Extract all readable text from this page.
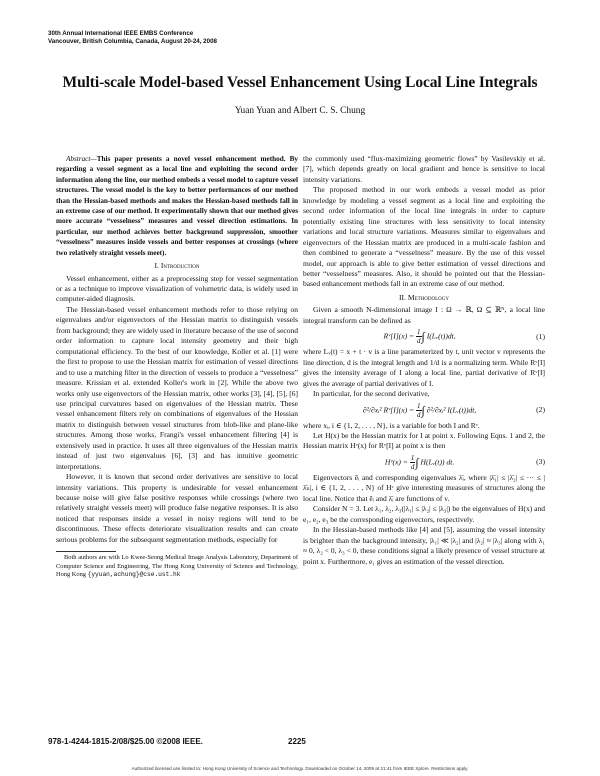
30th Annual International IEEE EMBS Conference
Vancouver, British Columbia, Canada, August 20-24, 2008
Multi-scale Model-based Vessel Enhancement Using Local Line Integrals
Yuan Yuan and Albert C. S. Chung

Abstract—This paper presents a novel vessel enhancement method. By regarding a vessel segment as a local line and exploiting the second order information along the line, our method embeds a vessel model to capture vessel structures. The vessel model is the key to better performances of our method than the Hessian-based methods and makes the Hessian-based methods fall in an extreme case of our method. It experimentally shown that our method gives more accurate “vesselness” measures and vessel direction estimations. In particular, our method achieves better background suppression, smoother “vesselness” measures inside vessels and better responses at crossings (where two relatively straight vessels meet).

I. Introduction

Vessel enhancement, either as a preprocessing step for vessel segmentation or as a technique to improve visualization of volumetric data, is widely used in computer-aided diagnosis.

The Hessian-based vessel enhancement methods refer to those relying on eigenvalues and/or eigenvectors of the Hessian matrix to distinguish vessels from background; they are widely used in literature because of the use of second order information to capture local intensity geometry and their high computational efficiency. To the best of our knowledge, Koller et al. [1] were the first to propose to use the Hessian matrix for estimation of vessel directions and to use a matching filter in the direction of vessels to produce a “vesselness” measure. Krissian et al. extended Koller's work in [2]. While the above two works only use eigenvectors of the Hessian matrix, other works [3], [4], [5], [6] use principal curvatures based on eigenvalues of the Hessian matrix. These vessel enhancement filters rely on combinations of eigenvalues of the Hessian matrix to distinguish between vessel structures from blob-like and plane-like structures. Among those works, Frangi's vessel enhancement filtering [4] is extensively used in practice. It uses all three eigenvalues of the Hessian matrix instead of just two eigenvalues [6], [3] and has intuitive geometric interpretations.

However, it is known that second order derivatives are sensitive to local intensity variations. This property is undesirable for vessel enhancement because noise will give false positive responses while crossings (where two relatively straight vessels meet) will produce false negative responses. It is also noticed that responses inside a vessel in noisy regions will tend to be discontinuous. These effects deteriorate visualization results and can create serious problems for the subsequent segmentation methods, especially for

Both authors are with Lo Kwee-Seong Medical Image Analysis Laboratory, Department of Computer Science and Engineering, The Hong Kong University of Science and Technology, Hong Kong {yyuan,achung}@cse.ust.hk

the commonly used “flux-maximizing geometric flows” by Vasilevskiy et al. [7], which depends greatly on local gradient and hence is sensitive to local intensity variations.

The proposed method in our work embeds a vessel model as prior knowledge by modeling a vessel segment as a local line and exploiting the second order information of the local line integrals in order to capture potentially existing line structures with less sensitivity to local intensity variations and local structure variations. Measures similar to eigenvalues and eigenvectors of the Hessian matrix are produced in a multi-scale fashion and then combined to generate a “vesselness” measure. By the use of this vessel model, our approach is able to give better estimation of vessel directions and better “vesselness” measures. Also, it should be pointed out that the Hessian-based enhancement methods fall in an extreme case of our method.

II. Methodology

Given a smooth N-dimensional image I : Ω → ℝ, Ω ⊆ ℝᴺ, a local line integral transform can be defined as

Rᵛ[I](x) = $\frac{1}{d}\int$ I(Lᵥ(t))dt,	(1)

where Lᵥ(t) = x + t · v is a line parameterized by t, unit vector v represents the line direction, d is the integral length and 1/d is a normalizing term. While Rᵛ[I] gives the intensity average of I along a local line, partial derivative of Rᵛ[I] gives the average of partial derivatives of I.

In particular, for the second derivative,

∂²/∂xᵢ² Rᵛ[I](x) = $\frac{1}{d}\int$ ∂²/∂xᵢ² I(Lᵥ(t))dt,	(2)

where xᵢ, i ∈ {1, 2, . . . , N}, is a variable for both I and Rᵛ.

Let H(x) be the Hessian matrix for I at point x. Following Eqns. 1 and 2, the Hessian matrix Hᵛ(x) for Rᵛ[I] at point x is then

Hᵛ(x) = $\frac{1}{d}\int$ H(Lᵥ(t)) dt.	(3)

Eigenvectors ēᵢ and corresponding eigenvalues λ̄ᵢ, where |λ̄₁| ≤ |λ̄₂| ≤ ··· ≤ |λ̄ₙ|, i ∈ {1, 2, . . . , N} of Hᵛ give interesting measures of structures along the local line. Notice that ēᵢ and λ̄ᵢ are functions of v.

Consider N = 3. Let λ₁, λ₂, λ₃(|λ₁| ≤ |λ₂| ≤ |λ₃|) be the eigenvalues of H(x) and e₁, e₂, e₃ be the corresponding eigenvectors, respectively.

In the Hessian-based methods like [4] and [5], assuming the vessel intensity is brighter than the background intensity, |λ₁| ≪ |λ₂| and |λ₂| ≈ |λ₃| along with λ₁ ≈ 0, λ₂ < 0, λ₃ < 0, these conditions signal a likely presence of vessel structure at point x. Furthermore, e₁ gives an estimation of the vessel direction.

978-1-4244-1815-2/08/$25.00 ©2008 IEEE.	2225
Authorized licensed use limited to: Hong Kong University of Science and Technology. Downloaded on October 14, 2009 at 21:41 from IEEE Xplore. Restrictions apply.
